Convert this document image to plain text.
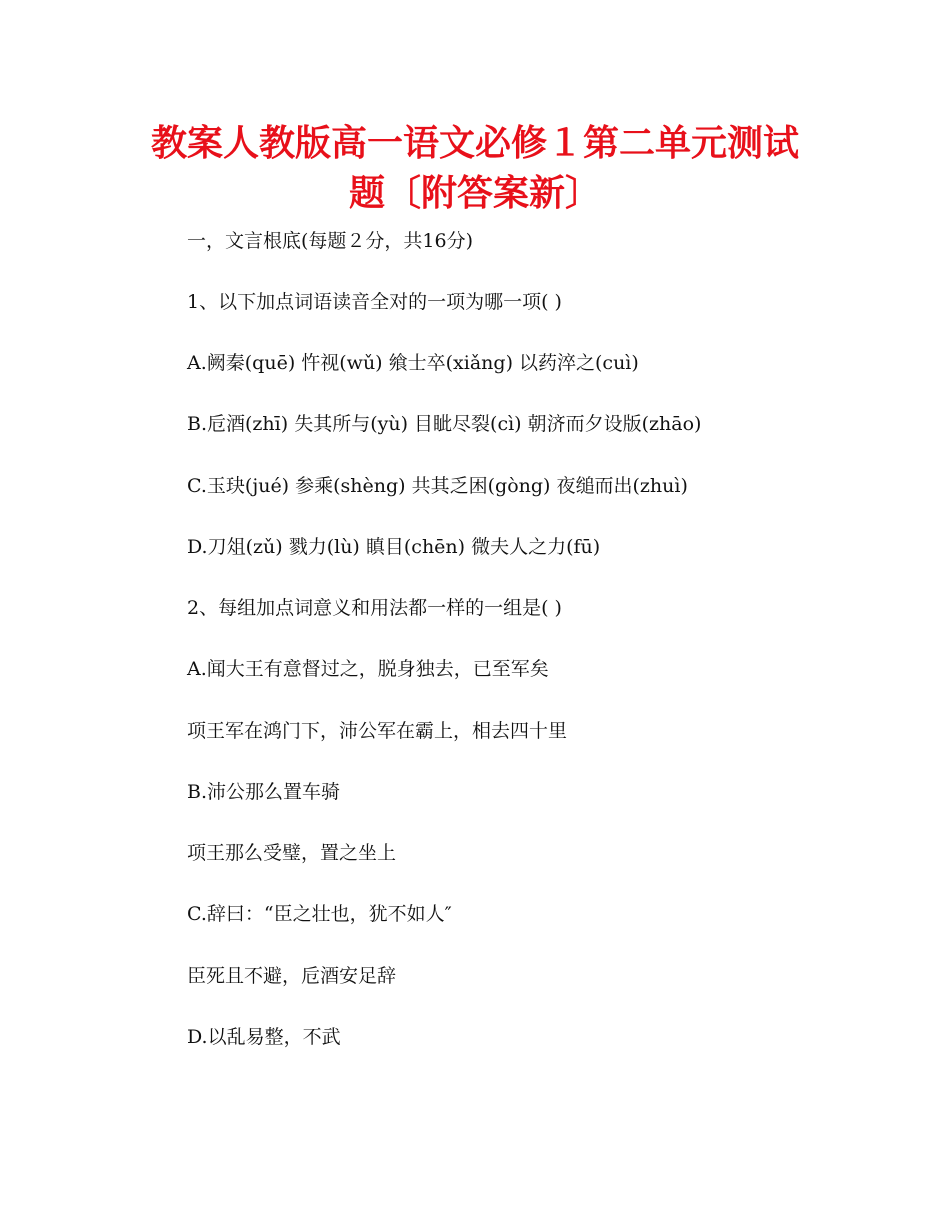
教案人教版高一语文必修１第二单元测试
题〔附答案新〕
一，文言根底(每题２分，共16分)
1、以下加点词语读音全对的一项为哪一项( )
A.阙秦(quē) 忤视(wǔ) 飨士卒(xiǎng) 以药淬之(cuì)
B.卮酒(zhī) 失其所与(yù) 目眦尽裂(cì) 朝济而夕设版(zhāo)
C.玉玦(jué) 参乘(shèng) 共其乏困(gòng) 夜缒而出(zhuì)
D.刀俎(zǔ) 戮力(lù) 瞋目(chēn) 微夫人之力(fū)
2、每组加点词意义和用法都一样的一组是( )
A.闻大王有意督过之，脱身独去，已至军矣
项王军在鸿门下，沛公军在霸上，相去四十里
B.沛公那么置车骑
项王那么受璧，置之坐上
C.辞曰：“臣之壮也，犹不如人″
臣死且不避，卮酒安足辞
D.以乱易整，不武
